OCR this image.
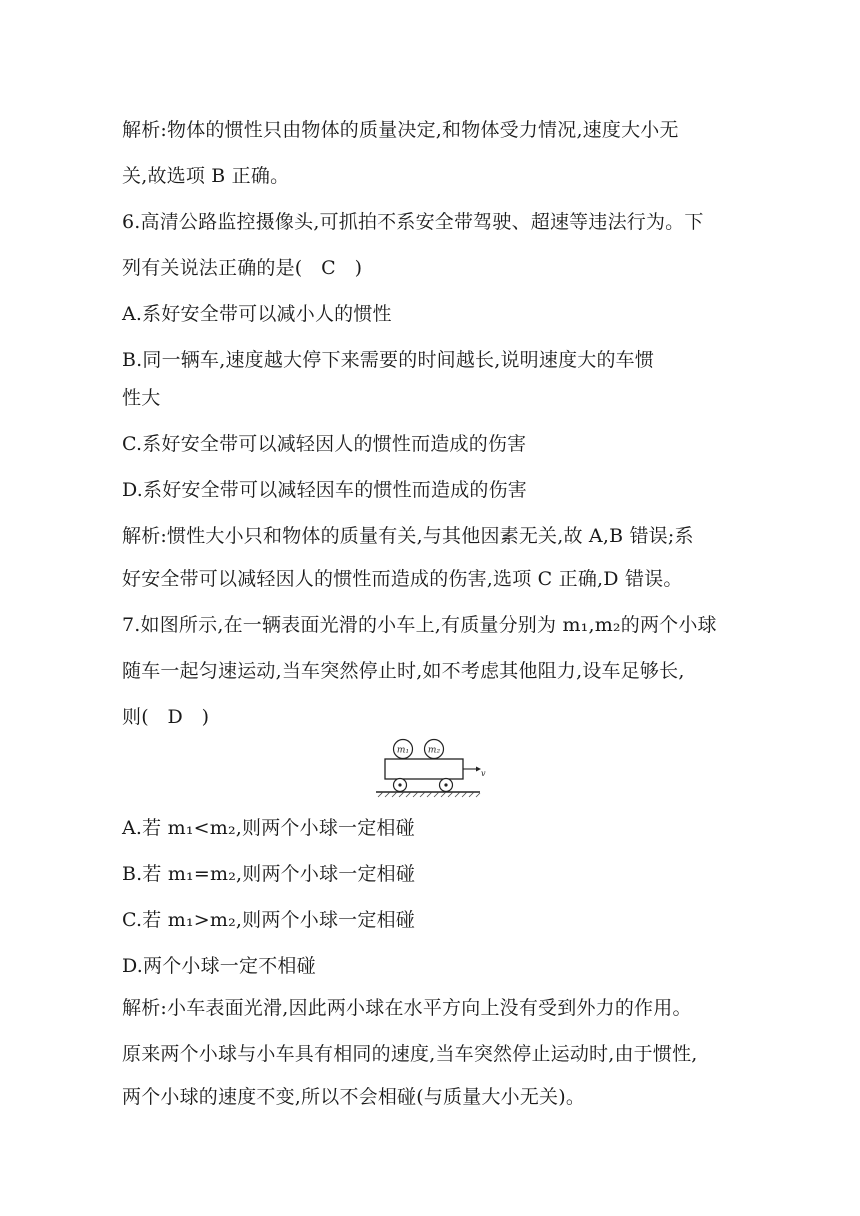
解析:物体的惯性只由物体的质量决定,和物体受力情况,速度大小无
关,故选项 B 正确。
6.高清公路监控摄像头,可抓拍不系安全带驾驶、超速等违法行为。下
列有关说法正确的是(   C   )
A.系好安全带可以减小人的惯性
B.同一辆车,速度越大停下来需要的时间越长,说明速度大的车惯
性大
C.系好安全带可以减轻因人的惯性而造成的伤害
D.系好安全带可以减轻因车的惯性而造成的伤害
解析:惯性大小只和物体的质量有关,与其他因素无关,故 A,B 错误;系
好安全带可以减轻因人的惯性而造成的伤害,选项 C 正确,D 错误。
7.如图所示,在一辆表面光滑的小车上,有质量分别为 m₁,m₂的两个小球
随车一起匀速运动,当车突然停止时,如不考虑其他阻力,设车足够长,
则(   D   )
m₁ m₂
v
A.若 m₁<m₂,则两个小球一定相碰
B.若 m₁=m₂,则两个小球一定相碰
C.若 m₁>m₂,则两个小球一定相碰
D.两个小球一定不相碰
解析:小车表面光滑,因此两小球在水平方向上没有受到外力的作用。
原来两个小球与小车具有相同的速度,当车突然停止运动时,由于惯性,
两个小球的速度不变,所以不会相碰(与质量大小无关)。
